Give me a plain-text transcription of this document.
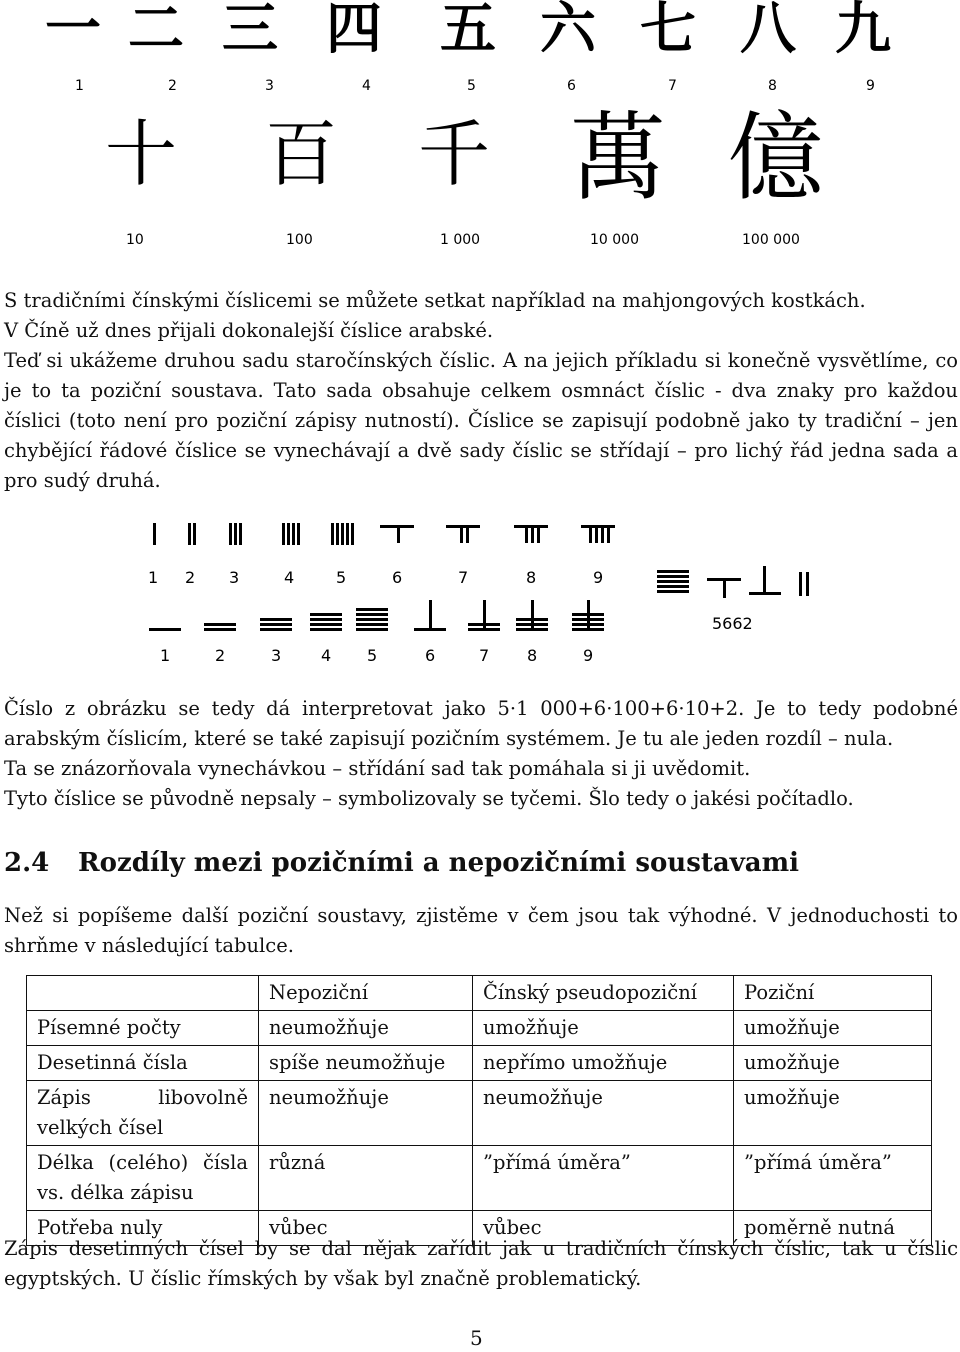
一
1
二
2
三
3
四
4
五
5
六
6
七
7
八
8
九
9
十
10
百
100
千
1 000
萬
10 000
億
100 000

S tradičními čínskými číslicemi se můžete setkat například na mahjongových kostkách.

V Číně už dnes přijali dokonalejší číslice arabské.

Teď si ukážeme druhou sadu staročínských číslic. A na jejich příkladu si konečně vysvětlíme, co je to ta poziční soustava. Tato sada obsahuje celkem osmnáct číslic - dva znaky pro každou číslici (toto není pro poziční zápisy nutností). Číslice se zapisují podobně jako ty tradiční – jen chybějící řádové číslice se vynechávají a dvě sady číslic se střídají – pro lichý řád jedna sada a pro sudý druhá.
1 2 3	4	5	6	7	8	9
1	2	3 4 5	6	7 8	9
5662

Číslo z obrázku se tedy dá interpretovat jako 5·1 000+6·100+6·10+2. Je to tedy podobné arabským číslicím, které se také zapisují pozičním systémem. Je tu ale jeden rozdíl – nula.

Ta se znázorňovala vynechávkou – střídání sad tak pomáhala si ji uvědomit.

Tyto číslice se původně nepsaly – symbolizovaly se tyčemi. Šlo tedy o jakési počítadlo.

2.4 Rozdíly mezi pozičními a nepozičními soustavami
Než si popíšeme další poziční soustavy, zjistěme v čem jsou tak výhodné. V jednoduchosti to shrňme v následující tabulce.
	Nepoziční	Čínský pseudopoziční	Poziční
Písemné počty	neumožňuje	umožňuje	umožňuje
Desetinná čísla	spíše neumožňuje	nepřímo umožňuje	umožňuje
Zápis libovolně velkých čísel	neumožňuje	neumožňuje	umožňuje
Délka (celého) čísla vs. délka zápisu	různá	”přímá úměra”	”přímá úměra”
Potřeba nuly	vůbec	vůbec	poměrně nutná
Zápis desetinných čísel by se dal nějak zařídit jak u tradičních čínských číslic, tak u číslic egyptských. U číslic římských by však byl značně problematický.
5
